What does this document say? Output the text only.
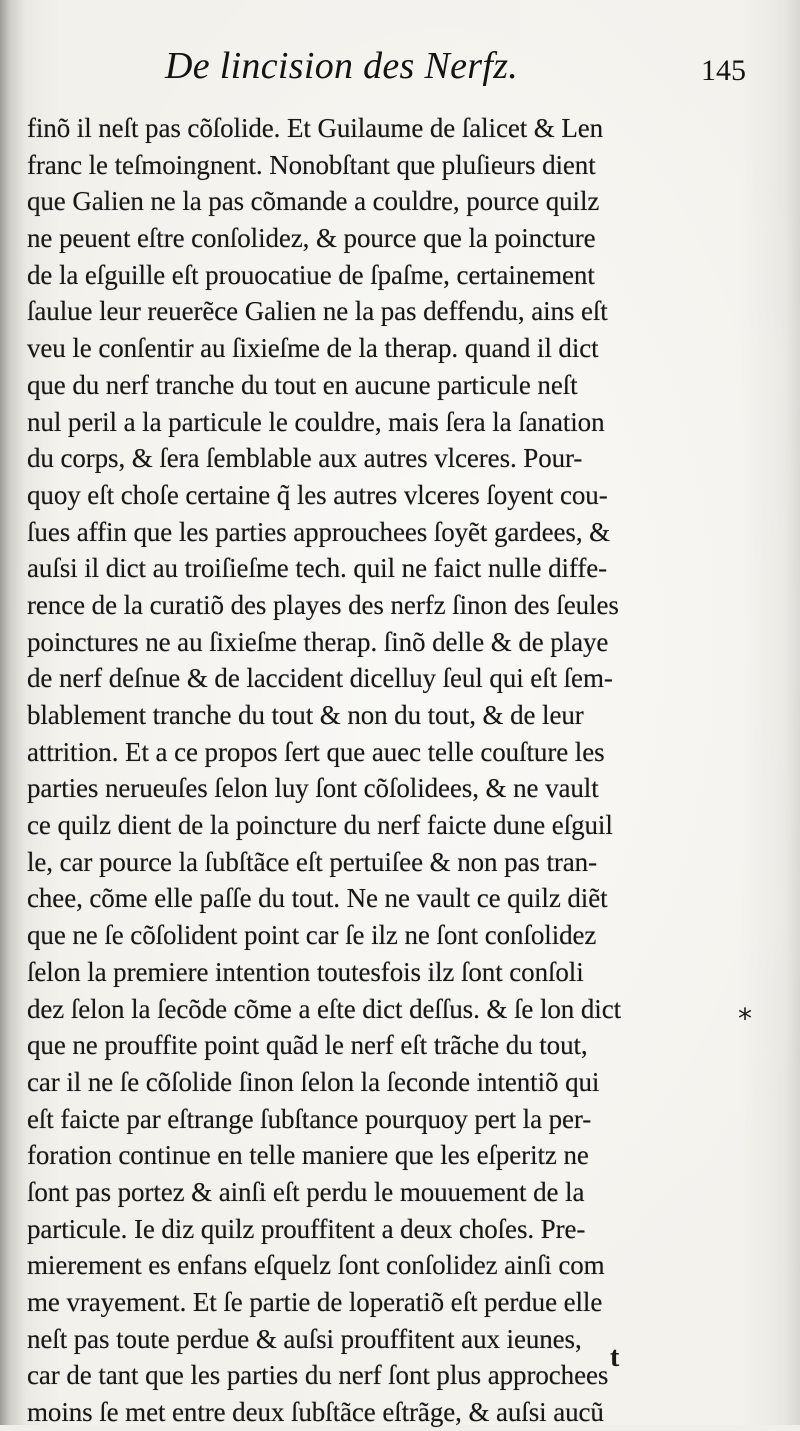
De lincision des Nerfz.	145
finõ il neſt pas cõſolide. Et Guilaume de ſalicet & Len
franc le teſmoingnent. Nonobſtant que pluſieurs dient
que Galien ne la pas cõmande a couldre, pource quilz
ne peuent eſtre conſolidez, & pource que la poincture
de la eſguille eſt prouocatiue de ſpaſme, certainement
ſaulue leur reuerẽce Galien ne la pas deffendu, ains eſt
veu le conſentir au ſixieſme de la therap. quand il dict
que du nerf tranche du tout en aucune particule neſt
nul peril a la particule le couldre, mais ſera la ſanation
du corps, & ſera ſemblable aux autres vlceres. Pour-
quoy eſt choſe certaine q̃ les autres vlceres ſoyent cou-
ſues affin que les parties approuchees ſoyẽt gardees, &
auſsi il dict au troiſieſme tech. quil ne faict nulle diffe-
rence de la curatiõ des playes des nerfz ſinon des ſeules
poinctures ne au ſixieſme therap. ſinõ delle & de playe
de nerf deſnue & de laccident dicelluy ſeul qui eſt ſem-
blablement tranche du tout & non du tout, & de leur
attrition. Et a ce propos ſert que auec telle couſture les
parties nerueuſes ſelon luy ſont cõſolidees, & ne vault
ce quilz dient de la poincture du nerf faicte dune eſguil
le, car pource la ſubſtãce eſt pertuiſee & non pas tran-
chee, cõme elle paſſe du tout. Ne ne vault ce quilz diẽt
que ne ſe cõſolident point car ſe ilz ne ſont conſolidez
ſelon la premiere intention toutesfois ilz ſont conſoli
dez ſelon la ſecõde cõme a eſte dict deſſus. & ſe lon dict
que ne prouffite point quãd le nerf eſt trãche du tout,
car il ne ſe cõſolide ſinon ſelon la ſeconde intentiõ qui
eſt faicte par eſtrange ſubſtance pourquoy pert la per-
foration continue en telle maniere que les eſperitz ne
ſont pas portez & ainſi eſt perdu le mouuement de la
particule. Ie diz quilz prouffitent a deux choſes. Pre-
mierement es enfans eſquelz ſont conſolidez ainſi com
me vrayement. Et ſe partie de loperatiõ eſt perdue elle
neſt pas toute perdue & auſsi prouffitent aux ieunes,
car de tant que les parties du nerf ſont plus approchees
moins ſe met entre deux ſubſtãce eſtrãge, & auſsi aucũ
*
t
